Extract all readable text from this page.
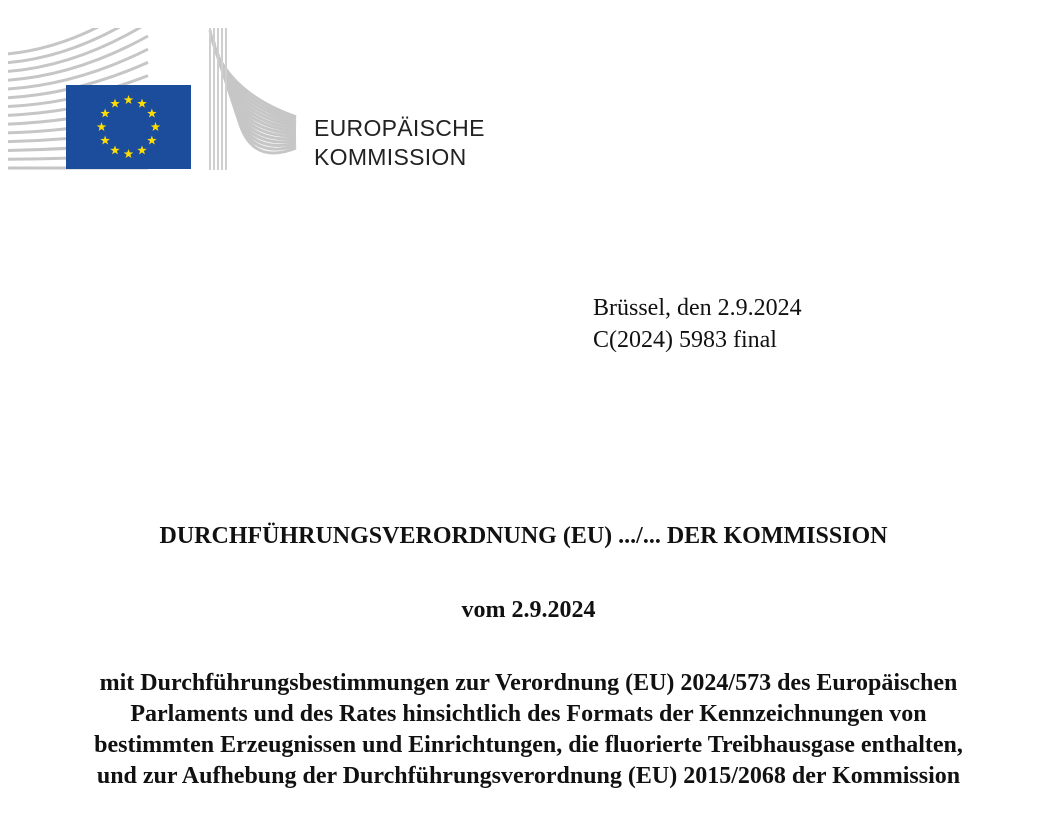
EUROPÄISCHE
KOMMISSION
Brüssel, den 2.9.2024
C(2024) 5983 final
DURCHFÜHRUNGSVERORDNUNG (EU) .../... DER KOMMISSION
vom 2.9.2024
mit Durchführungsbestimmungen zur Verordnung (EU) 2024/573 des Europäischen
Parlaments und des Rates hinsichtlich des Formats der Kennzeichnungen von
bestimmten Erzeugnissen und Einrichtungen, die fluorierte Treibhausgase enthalten,
und zur Aufhebung der Durchführungsverordnung (EU) 2015/2068 der Kommission
